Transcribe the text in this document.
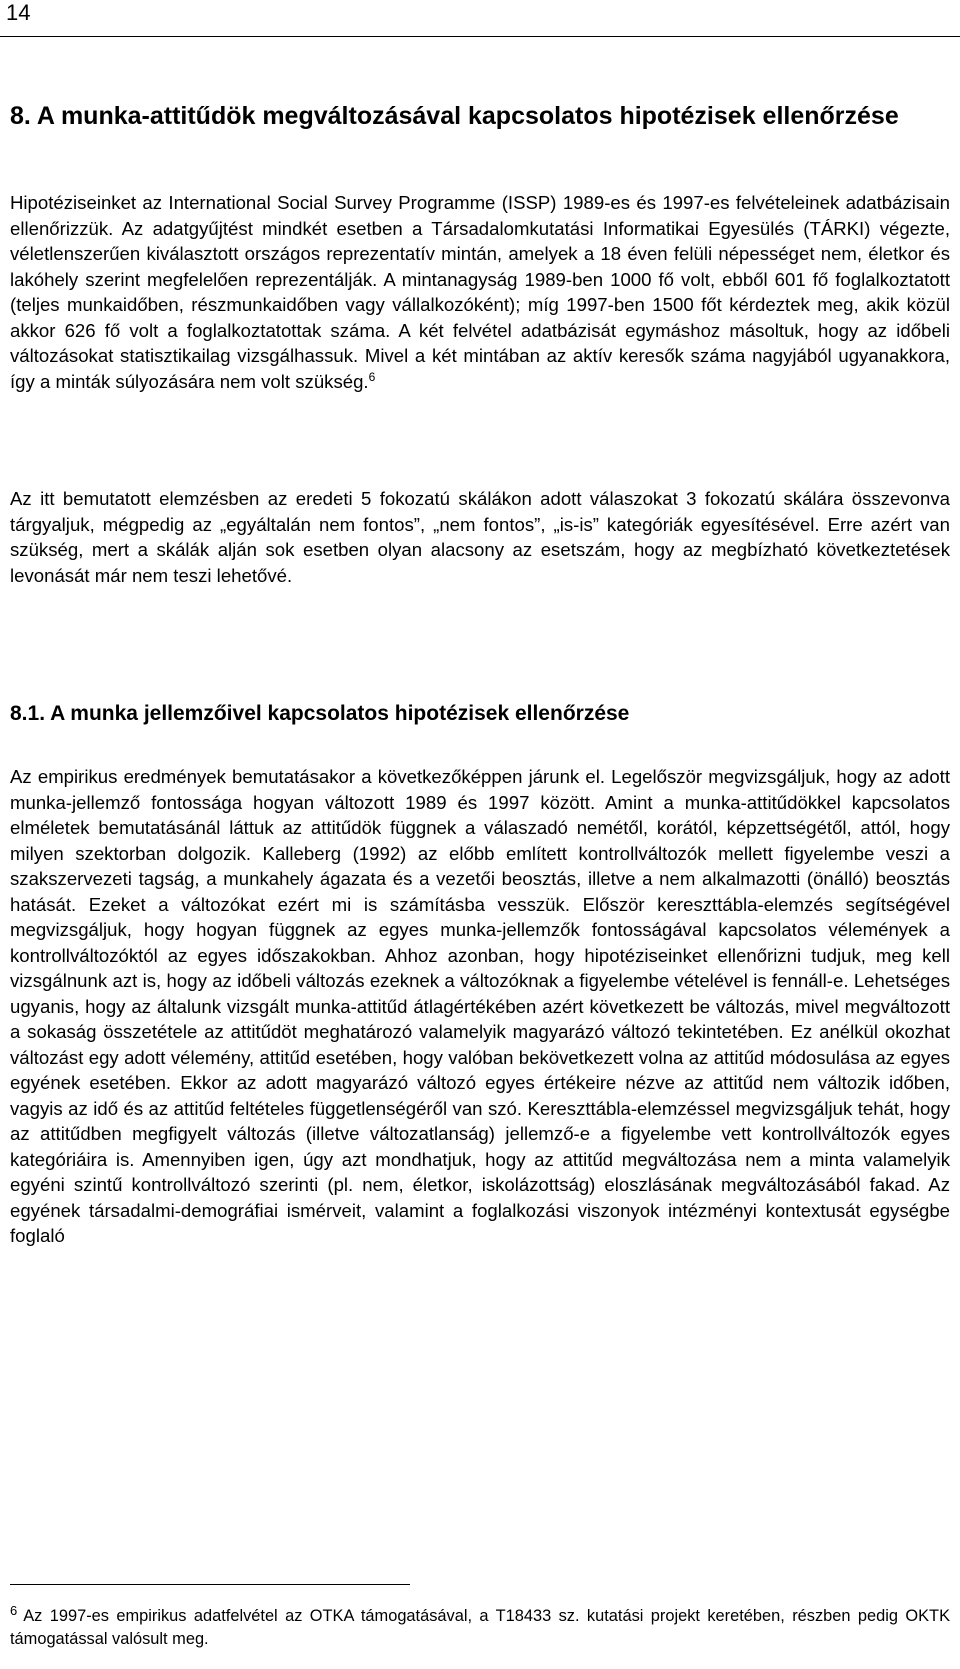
14
8. A munka-attitűdök megváltozásával kapcsolatos hipotézisek ellenőrzése

Hipotéziseinket az International Social Survey Programme (ISSP) 1989-es és 1997-es felvételeinek adatbázisain ellenőrizzük. Az adatgyűjtést mindkét esetben a Társadalomkutatási Informatikai Egyesülés (TÁRKI) végezte, véletlenszerűen kiválasztott országos reprezentatív mintán, amelyek a 18 éven felüli népességet nem, életkor és lakóhely szerint megfelelően reprezentálják. A mintanagyság 1989-ben 1000 fő volt, ebből 601 fő foglalkoztatott (teljes munkaidőben, részmunkaidőben vagy vállalkozóként); míg 1997-ben 1500 főt kérdeztek meg, akik közül akkor 626 fő volt a foglalkoztatottak száma. A két felvétel adatbázisát egymáshoz másoltuk, hogy az időbeli változásokat statisztikailag vizsgálhassuk. Mivel a két mintában az aktív keresők száma nagyjából ugyanakkora, így a minták súlyozására nem volt szükség.$^6$

Az itt bemutatott elemzésben az eredeti 5 fokozatú skálákon adott válaszokat 3 fokozatú skálára összevonva tárgyaljuk, mégpedig az „egyáltalán nem fontos”, „nem fontos”, „is-is” kategóriák egyesítésével. Erre azért van szükség, mert a skálák alján sok esetben olyan alacsony az esetszám, hogy az megbízható következtetések levonását már nem teszi lehetővé.

8.1. A munka jellemzőivel kapcsolatos hipotézisek ellenőrzése

Az empirikus eredmények bemutatásakor a következőképpen járunk el. Legelőször megvizsgáljuk, hogy az adott munka-jellemző fontossága hogyan változott 1989 és 1997 között. Amint a munka-attitűdökkel kapcsolatos elméletek bemutatásánál láttuk az attitűdök függnek a válaszadó nemétől, korától, képzettségétől, attól, hogy milyen szektorban dolgozik. Kalleberg (1992) az előbb említett kontrollváltozók mellett figyelembe veszi a szakszervezeti tagság, a munkahely ágazata és a vezetői beosztás, illetve a nem alkalmazotti (önálló) beosztás hatását. Ezeket a változókat ezért mi is számításba vesszük. Először kereszttábla-elemzés segítségével megvizsgáljuk, hogy hogyan függnek az egyes munka-jellemzők fontosságával kapcsolatos vélemények a kontrollváltozóktól az egyes időszakokban. Ahhoz azonban, hogy hipotéziseinket ellenőrizni tudjuk, meg kell vizsgálnunk azt is, hogy az időbeli változás ezeknek a változóknak a figyelembe vételével is fennáll-e. Lehetséges ugyanis, hogy az általunk vizsgált munka-attitűd átlagértékében azért következett be változás, mivel megváltozott a sokaság összetétele az attitűdöt meghatározó valamelyik magyarázó változó tekintetében. Ez anélkül okozhat változást egy adott vélemény, attitűd esetében, hogy valóban bekövetkezett volna az attitűd módosulása az egyes egyének esetében. Ekkor az adott magyarázó változó egyes értékeire nézve az attitűd nem változik időben, vagyis az idő és az attitűd feltételes függetlenségéről van szó. Kereszttábla-elemzéssel megvizsgáljuk tehát, hogy az attitűdben megfigyelt változás (illetve változatlanság) jellemző-e a figyelembe vett kontrollváltozók egyes kategóriáira is. Amennyiben igen, úgy azt mondhatjuk, hogy az attitűd megváltozása nem a minta valamelyik egyéni szintű kontrollváltozó szerinti (pl. nem, életkor, iskolázottság) eloszlásának megváltozásából fakad. Az egyének társadalmi-demográfiai ismérveit, valamint a foglalkozási viszonyok intézményi kontextusát egységbe foglaló

$^6$ Az 1997-es empirikus adatfelvétel az OTKA támogatásával, a T18433 sz. kutatási projekt keretében, részben pedig OKTK támogatással valósult meg.
